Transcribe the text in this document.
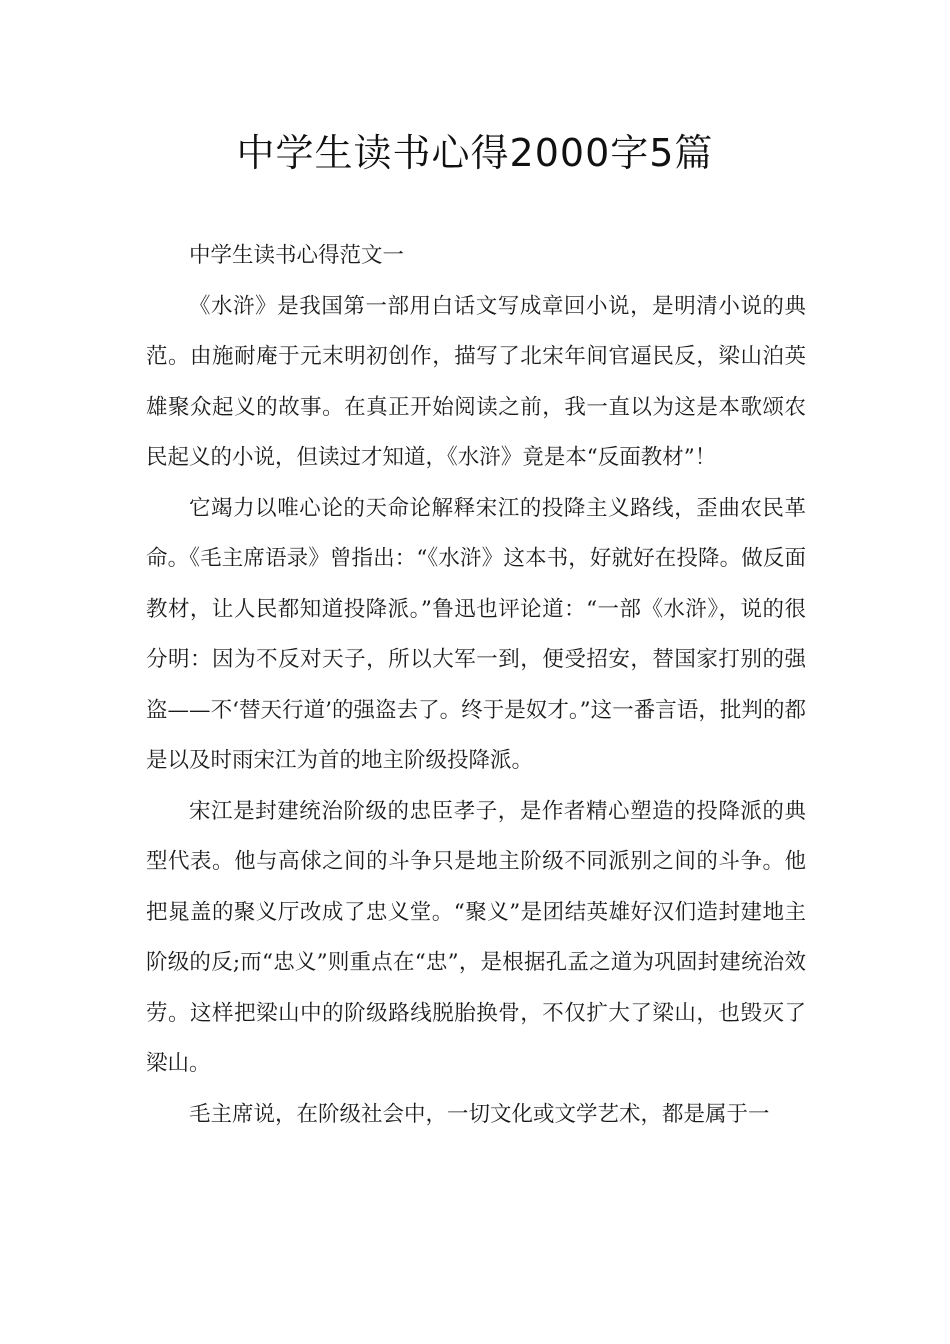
中学生读书心得2000字5篇

中学生读书心得范文一

《水浒》是我国第一部用白话文写成章回小说，是明清小说的典范。由施耐庵于元末明初创作，描写了北宋年间官逼民反，梁山泊英雄聚众起义的故事。在真正开始阅读之前，我一直以为这是本歌颂农民起义的小说，但读过才知道，《水浒》竟是本“反面教材”！

它竭力以唯心论的天命论解释宋江的投降主义路线，歪曲农民革命。《毛主席语录》曾指出：“《水浒》这本书，好就好在投降。做反面教材，让人民都知道投降派。”鲁迅也评论道：“一部《水浒》，说的很分明：因为不反对天子，所以大军一到，便受招安，替国家打别的强盗——不‘替天行道’的强盗去了。终于是奴才。”这一番言语，批判的都是以及时雨宋江为首的地主阶级投降派。

宋江是封建统治阶级的忠臣孝子，是作者精心塑造的投降派的典型代表。他与高俅之间的斗争只是地主阶级不同派别之间的斗争。他把晁盖的聚义厅改成了忠义堂。“聚义”是团结英雄好汉们造封建地主阶级的反;而“忠义”则重点在“忠”，是根据孔孟之道为巩固封建统治效劳。这样把梁山中的阶级路线脱胎换骨，不仅扩大了梁山，也毁灭了梁山。

毛主席说，在阶级社会中，一切文化或文学艺术，都是属于一
